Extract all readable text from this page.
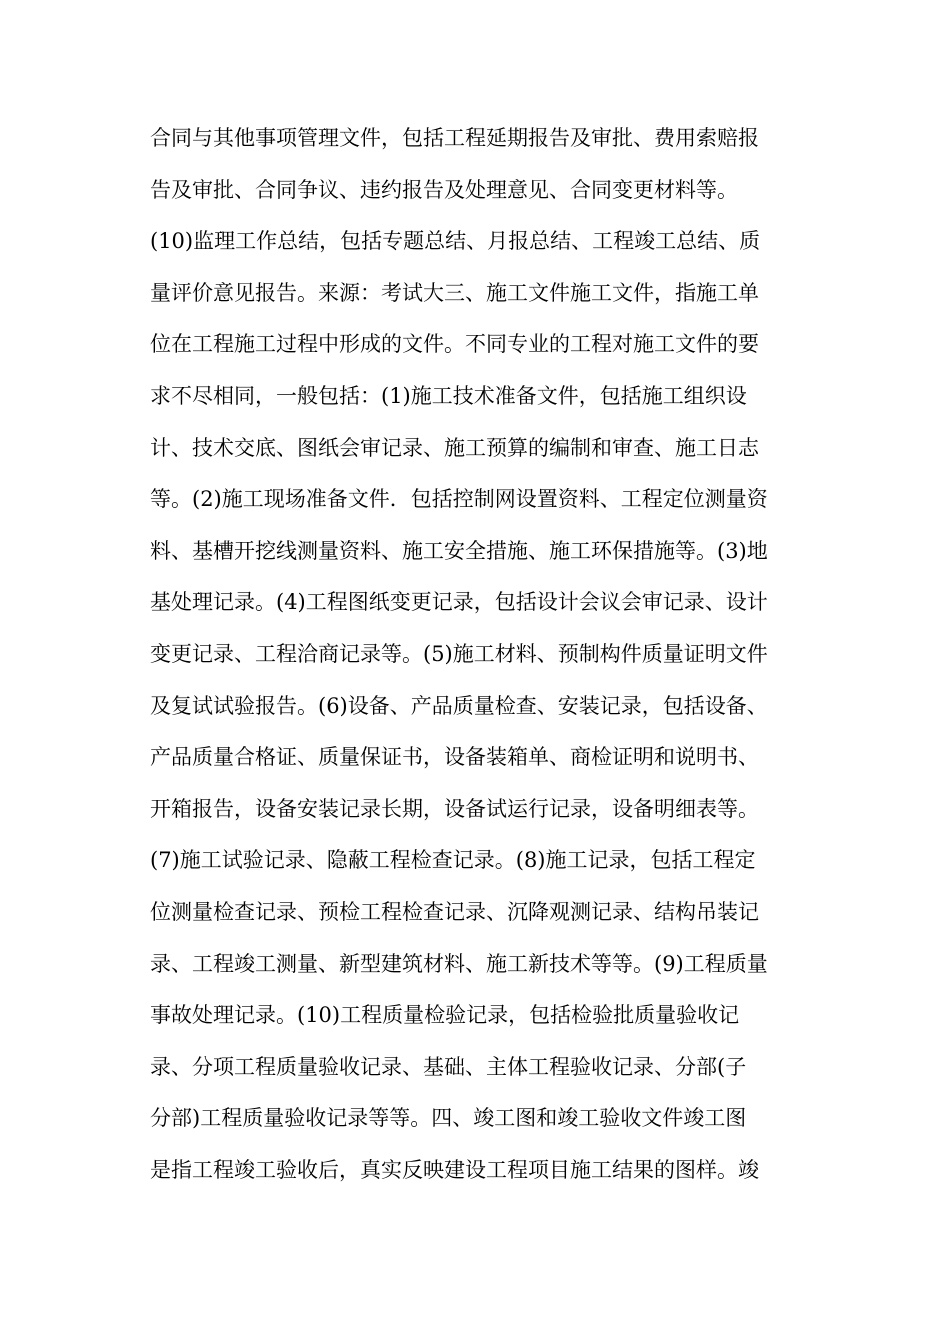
合同与其他事项管理文件，包括工程延期报告及审批、费用索赔报
告及审批、合同争议、违约报告及处理意见、合同变更材料等。
(10)监理工作总结，包括专题总结、月报总结、工程竣工总结、质
量评价意见报告。来源：考试大三、施工文件施工文件，指施工单
位在工程施工过程中形成的文件。不同专业的工程对施工文件的要
求不尽相同，一般包括：(1)施工技术准备文件，包括施工组织设
计、技术交底、图纸会审记录、施工预算的编制和审查、施工日志
等。(2)施工现场准备文件．包括控制网设置资料、工程定位测量资
料、基槽开挖线测量资料、施工安全措施、施工环保措施等。(3)地
基处理记录。(4)工程图纸变更记录，包括设计会议会审记录、设计
变更记录、工程洽商记录等。(5)施工材料、预制构件质量证明文件
及复试试验报告。(6)设备、产品质量检查、安装记录，包括设备、
产品质量合格证、质量保证书，设备装箱单、商检证明和说明书、
开箱报告，设备安装记录长期，设备试运行记录，设备明细表等。
(7)施工试验记录、隐蔽工程检查记录。(8)施工记录，包括工程定
位测量检查记录、预检工程检查记录、沉降观测记录、结构吊装记
录、工程竣工测量、新型建筑材料、施工新技术等等。(9)工程质量
事故处理记录。(10)工程质量检验记录，包括检验批质量验收记
录、分项工程质量验收记录、基础、主体工程验收记录、分部(子
分部)工程质量验收记录等等。四、竣工图和竣工验收文件竣工图
是指工程竣工验收后，真实反映建设工程项目施工结果的图样。竣
